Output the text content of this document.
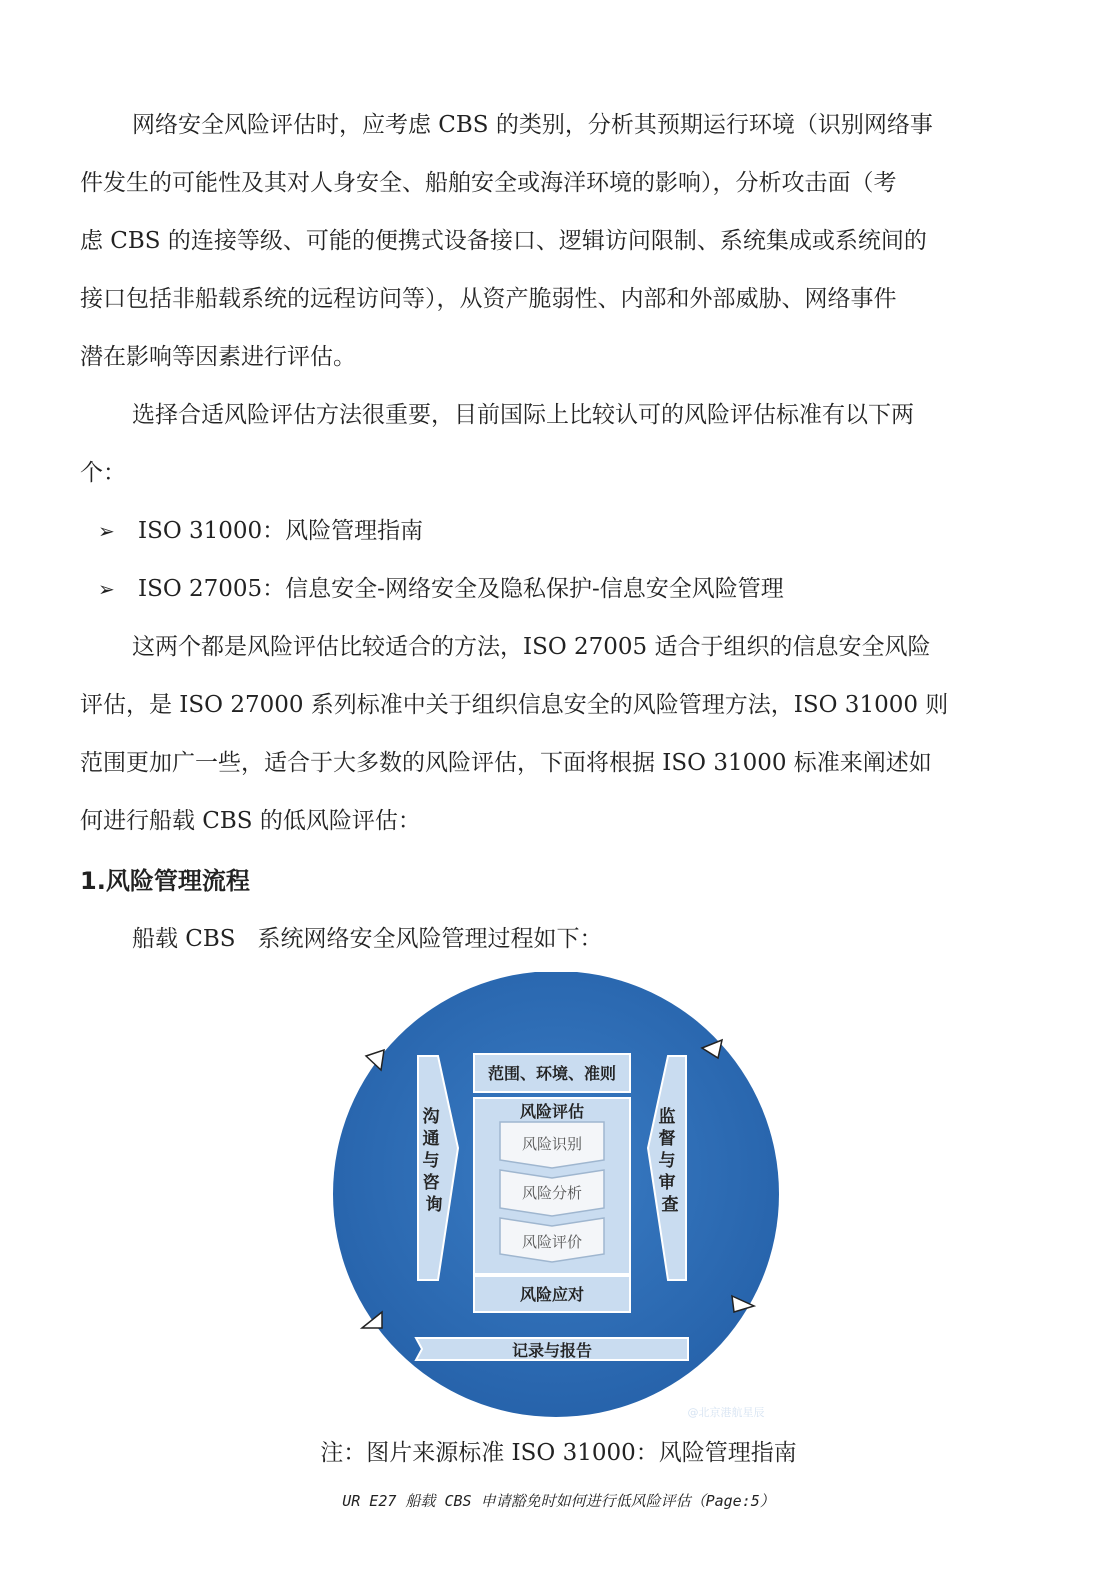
网络安全风险评估时，应考虑 CBS 的类别，分析其预期运行环境（识别网络事
件发生的可能性及其对人身安全、船舶安全或海洋环境的影响），分析攻击面（考
虑 CBS 的连接等级、可能的便携式设备接口、逻辑访问限制、系统集成或系统间的
接口包括非船载系统的远程访问等），从资产脆弱性、内部和外部威胁、网络事件
潜在影响等因素进行评估。
选择合适风险评估方法很重要，目前国际上比较认可的风险评估标准有以下两
个：
➢ ISO 31000：风险管理指南
➢ ISO 27005：信息安全-网络安全及隐私保护-信息安全风险管理
这两个都是风险评估比较适合的方法，ISO 27005 适合于组织的信息安全风险
评估，是 ISO 27000 系列标准中关于组织信息安全的风险管理方法，ISO 31000 则
范围更加广一些，适合于大多数的风险评估，下面将根据 ISO 31000 标准来阐述如
何进行船载 CBS 的低风险评估：
1.风险管理流程
船载 CBS   系统网络安全风险管理过程如下：
沟 通 与 咨 询
监 督 与 审 查
范围、环境、准则
风险评估
风险识别
风险分析
风险评价
风险应对
记录与报告
@北京港航星辰
注：图片来源标准 ISO 31000：风险管理指南
UR E27 船载 CBS 申请豁免时如何进行低风险评估（Page:5）
